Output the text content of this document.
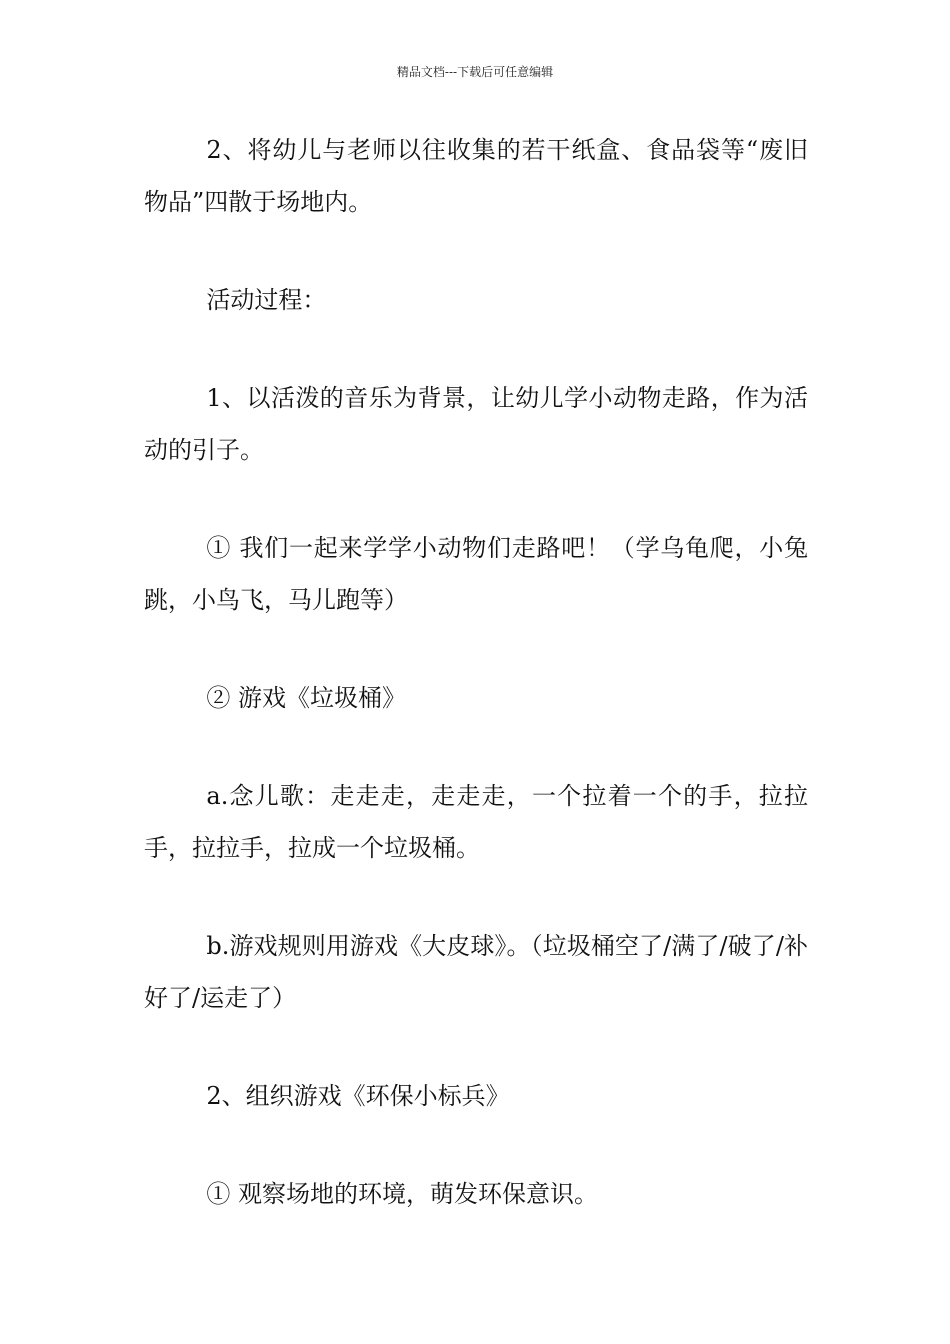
精品文档---下载后可任意编辑

2、将幼儿与老师以往收集的若干纸盒、食品袋等“废旧物品”四散于场地内。

活动过程：

1、以活泼的音乐为背景，让幼儿学小动物走路，作为活动的引子。

① 我们一起来学学小动物们走路吧！（学乌龟爬，小兔跳，小鸟飞，马儿跑等）

② 游戏《垃圾桶》

a.念儿歌：走走走，走走走，一个拉着一个的手，拉拉手，拉拉手，拉成一个垃圾桶。

b.游戏规则用游戏《大皮球》。（垃圾桶空了/满了/破了/补好了/运走了）

2、组织游戏《环保小标兵》

① 观察场地的环境，萌发环保意识。
